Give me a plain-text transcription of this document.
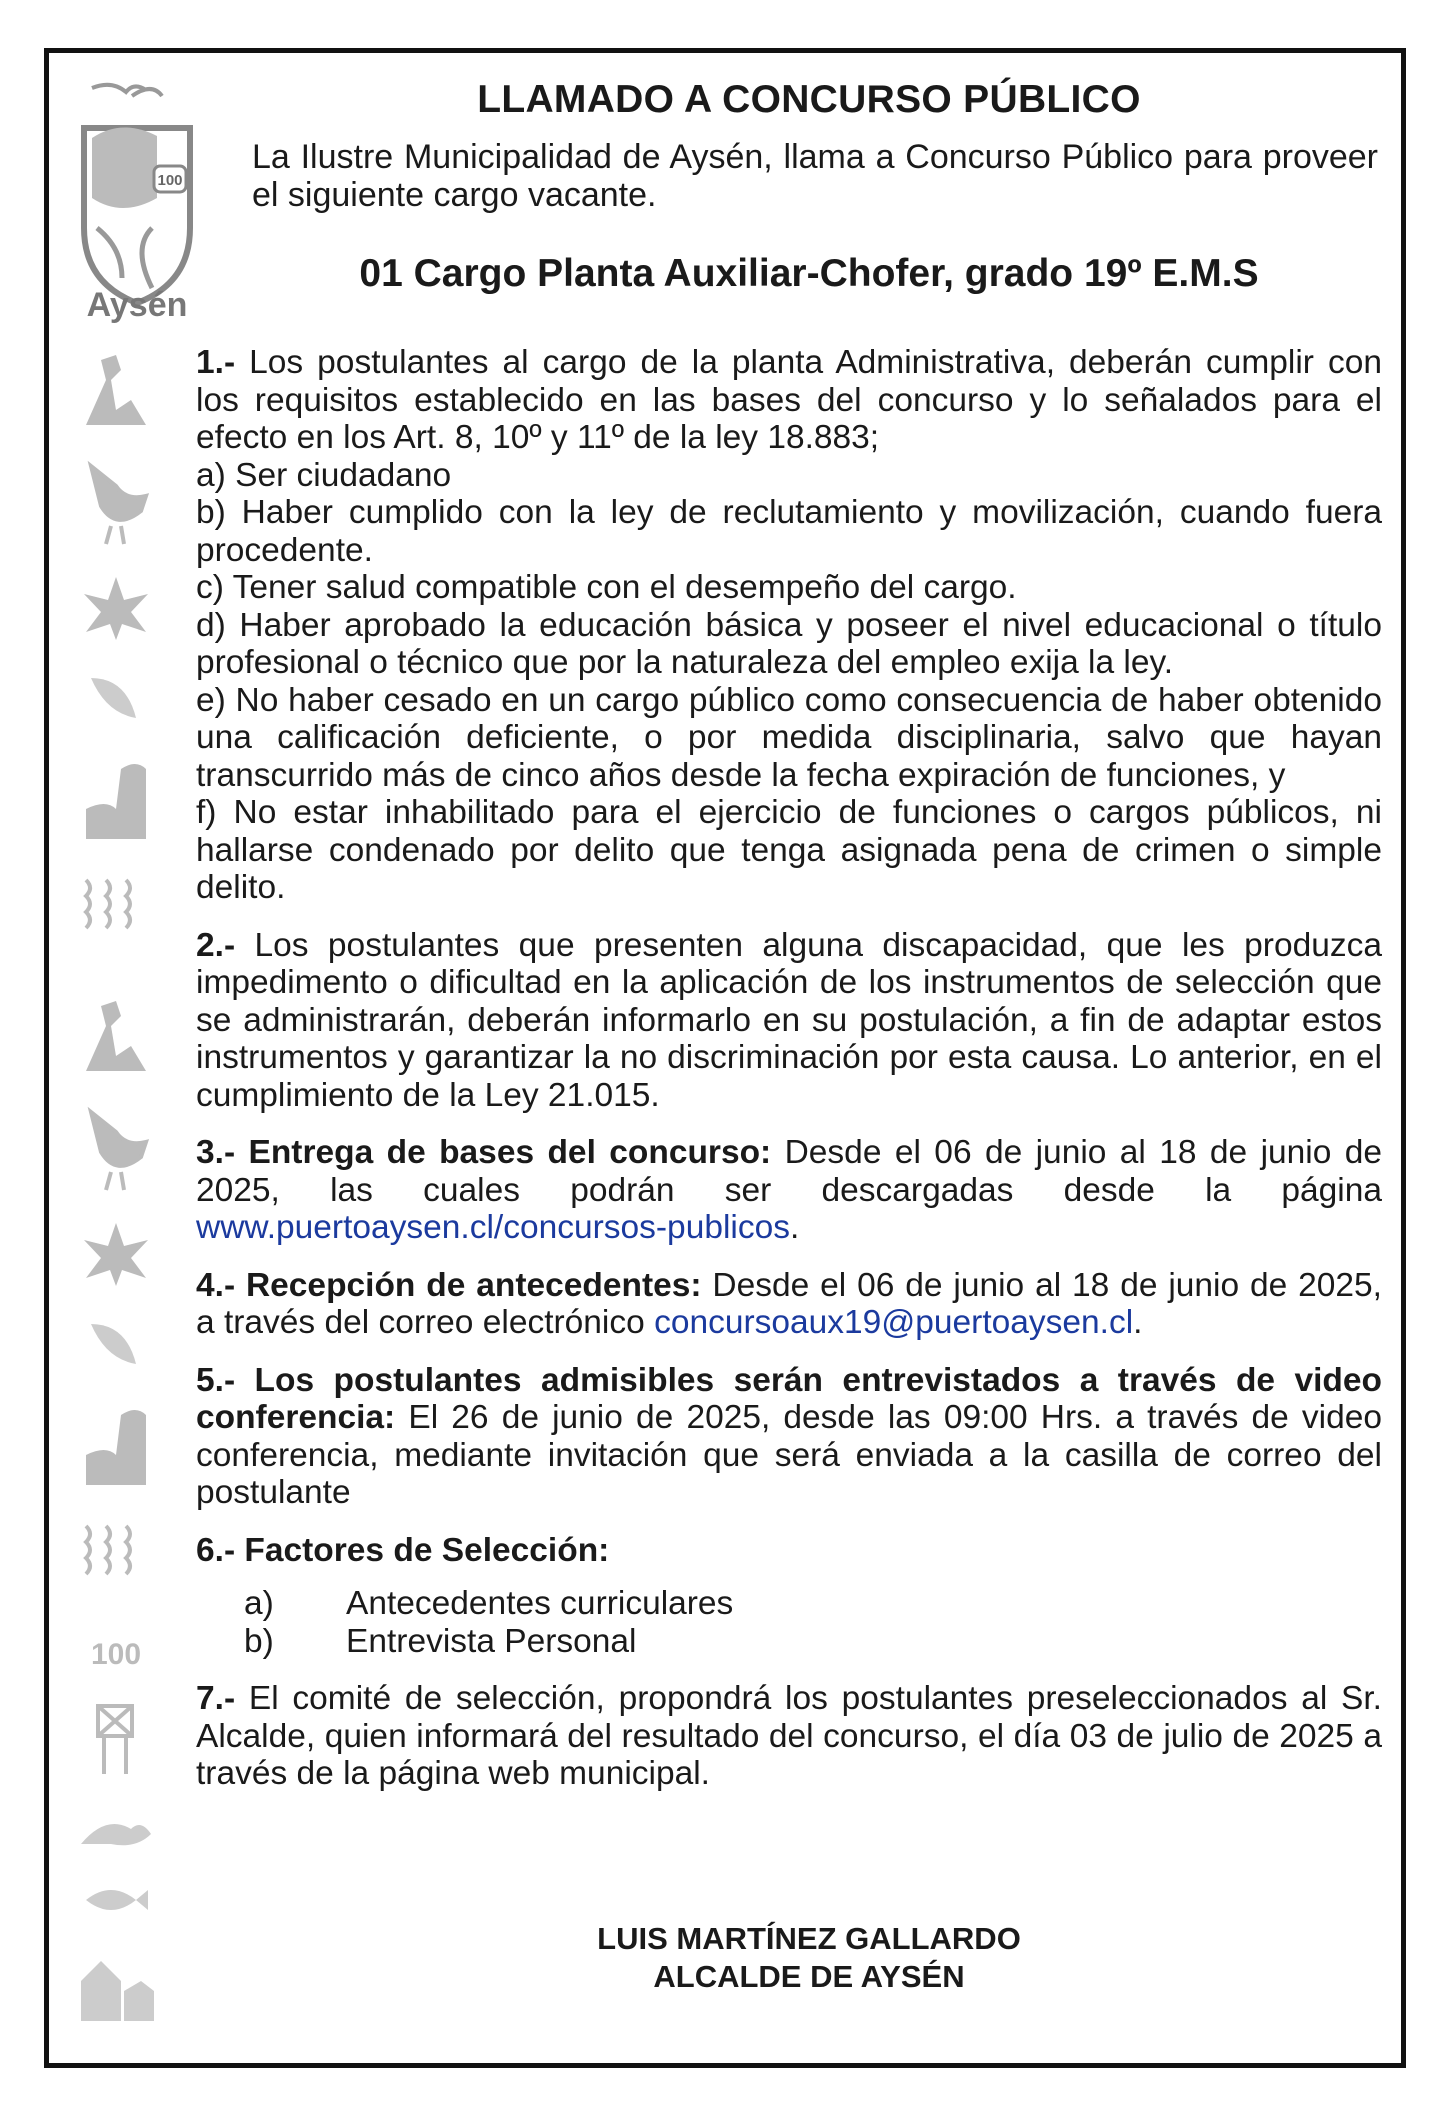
100
Aysén
100
LLAMADO A CONCURSO PÚBLICO
La Ilustre Municipalidad de Aysén, llama a Concurso Público para proveer el siguiente cargo vacante.
01 Cargo Planta Auxiliar-Chofer, grado 19º E.M.S

1.- Los postulantes al cargo de la planta Administrativa, deberán cumplir con los requisitos establecido en las bases del concurso y lo señalados para el efecto en los Art. 8, 10º y 11º de la ley 18.883;

a) Ser ciudadano

b) Haber cumplido con la ley de reclutamiento y movilización, cuando fuera procedente.

c) Tener salud compatible con el desempeño del cargo.

d) Haber aprobado la educación básica y poseer el nivel educacional o título profesional o técnico que por la naturaleza del empleo exija la ley.

e) No haber cesado en un cargo público como consecuencia de haber obtenido una calificación deficiente, o por medida disciplinaria, salvo que hayan transcurrido más de cinco años desde la fecha expiración de funciones, y

f) No estar inhabilitado para el ejercicio de funciones o cargos públicos, ni hallarse condenado por delito que tenga asignada pena de crimen o simple delito.

2.- Los postulantes que presenten alguna discapacidad, que les produzca impedimento o dificultad en la aplicación de los instrumentos de selección que se administrarán, deberán informarlo en su postulación, a fin de adaptar estos instrumentos y garantizar la no discriminación por esta causa. Lo anterior, en el cumplimiento de la Ley 21.015.

3.- Entrega de bases del concurso: Desde el 06 de junio al 18 de junio de 2025, las cuales podrán ser descargadas desde la página www.puertoaysen.cl/concursos-publicos.

4.- Recepción de antecedentes: Desde el 06 de junio al 18 de junio de 2025, a través del correo electrónico concursoaux19@puertoaysen.cl.

5.- Los postulantes admisibles serán entrevistados a través de video conferencia: El 26 de junio de 2025, desde las 09:00 Hrs. a través de video conferencia, mediante invitación que será enviada a la casilla de correo del postulante

6.- Factores de Selección:

a)	Antecedentes curriculares
b)	Entrevista Personal

7.- El comité de selección, propondrá los postulantes preseleccionados al Sr. Alcalde, quien informará del resultado del concurso, el día 03 de julio de 2025 a través de la página web municipal.

LUIS MARTÍNEZ GALLARDO
ALCALDE DE AYSÉN
